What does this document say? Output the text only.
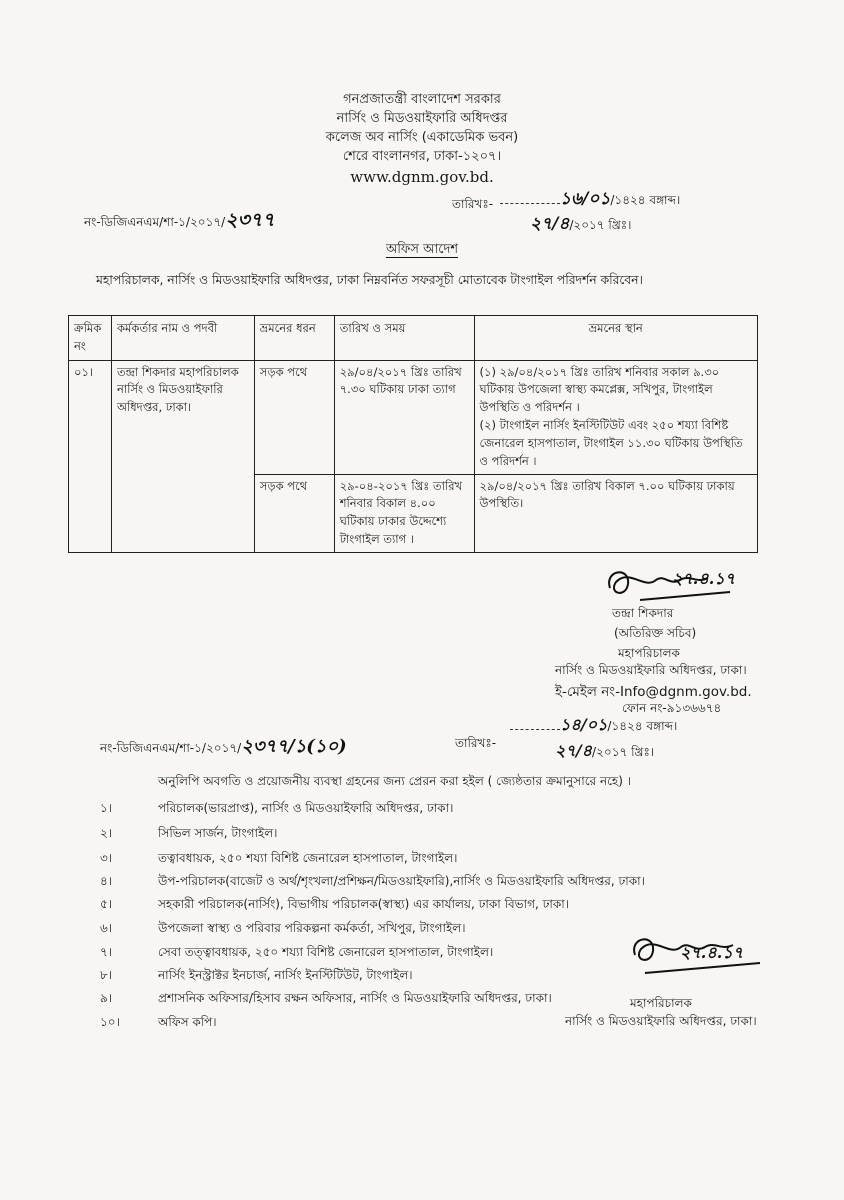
গনপ্রজাতন্ত্রী বাংলাদেশ সরকার
নার্সিং ও মিডওয়াইফারি অধিদপ্তর
কলেজ অব নার্সিং (একাডেমিক ভবন)
শেরে বাংলানগর, ঢাকা-১২০৭।
www.dgnm.gov.bd.
নং-ডিজিএনএম/শা-১/২০১৭/২৩৭৭
তারিখঃ-	১৬/০১/১৪২৪ বঙ্গাব্দ।
২৭/৪/২০১৭ খ্রিঃ।
অফিস আদেশ
মহাপরিচালক, নার্সিং ও মিডওয়াইফারি অধিদপ্তর, ঢাকা নিম্নবর্নিত সফরসূচী মোতাবেক টাংগাইল পরিদর্শন করিবেন।
ক্রমিক নং	কর্মকর্তার নাম ও পদবী	ভ্রমনের ধরন	তারিখ ও সময়	ভ্রমনের স্থান
০১।	তন্দ্রা শিকদার মহাপরিচালক নার্সিং ও মিডওয়াইফারি অধিদপ্তর, ঢাকা।	সড়ক পথে	২৯/০৪/২০১৭ খ্রিঃ তারিখ ৭.৩০ ঘটিকায় ঢাকা ত্যাগ	(১) ২৯/০৪/২০১৭ খ্রিঃ তারিখ শনিবার সকাল ৯.৩০ ঘটিকায় উপজেলা স্বাস্থ্য কমপ্লেক্স, সখিপুর, টাংগাইল উপস্থিতি ও পরিদর্শন ।
(২) টাংগাইল নার্সিং ইনস্টিটিউট এবং ২৫০ শয্যা বিশিষ্ট জেনারেল হাসপাতাল, টাংগাইল ১১.৩০ ঘটিকায় উপস্থিতি ও পরিদর্শন ।

		সড়ক পথে	২৯-০৪-২০১৭ খ্রিঃ তারিখ শনিবার বিকাল ৪.০০ ঘটিকায় ঢাকার উদ্দেশ্যে টাংগাইল ত্যাগ ।	২৯/০৪/২০১৭ খ্রিঃ তারিখ বিকাল ৭.০০ ঘটিকায় ঢাকায় উপস্থিতি।
২৭.৪.১৭
তন্দ্রা শিকদার
(অতিরিক্ত সচিব)
মহাপরিচালক
নার্সিং ও মিডওয়াইফারি অধিদপ্তর, ঢাকা।
ই-মেইল নং-Info@dgnm.gov.bd.
ফোন নং-৯১৩৬৬৭৪
নং-ডিজিএনএম/শা-১/২০১৭/২৩৭৭/১(১০)	তারিখঃ-
১৪/০১/১৪২৪ বঙ্গাব্দ।
২৭/৪/২০১৭ খ্রিঃ।
অনুলিপি অবগতি ও প্রয়োজনীয় ব্যবস্থা গ্রহনের জন্য প্রেরন করা হইল ( জ্যেষ্ঠতার ক্রমানুসারে নহে) ।
১।	পরিচালক(ভারপ্রাপ্ত), নার্সিং ও মিডওয়াইফারি অধিদপ্তর, ঢাকা।
২।	সিভিল সার্জন, টাংগাইল।
৩।	তত্বাবধায়ক, ২৫০ শয্যা বিশিষ্ট জেনারেল হাসপাতাল, টাংগাইল।
৪।	উপ-পরিচালক(বাজেট ও অর্থ/শৃংখলা/প্রশিক্ষন/মিডওয়াইফারি),নার্সিং ও মিডওয়াইফারি অধিদপ্তর, ঢাকা।
৫।	সহকারী পরিচালক(নার্সিং), বিভাগীয় পরিচালক(স্বাস্থ্য) এর কার্যালয়, ঢাকা বিভাগ, ঢাকা।
৬।	উপজেলা স্বাস্থ্য ও পরিবার পরিকল্পনা কর্মকর্তা, সখিপুর, টাংগাইল।
৭।	সেবা তত্ত্বাবধায়ক, ২৫০ শয্যা বিশিষ্ট জেনারেল হাসপাতাল, টাংগাইল।
৮।	নার্সিং ইনস্ট্রাক্টর ইনচার্জ, নার্সিং ইনস্টিটিউট, টাংগাইল।
৯।	প্রশাসনিক অফিসার/হিসাব রক্ষন অফিসার, নার্সিং ও মিডওয়াইফারি অধিদপ্তর, ঢাকা।
১০।	অফিস কপি।
২৭.৪.১৭
মহাপরিচালক
নার্সিং ও মিডওয়াইফারি অধিদপ্তর, ঢাকা।
